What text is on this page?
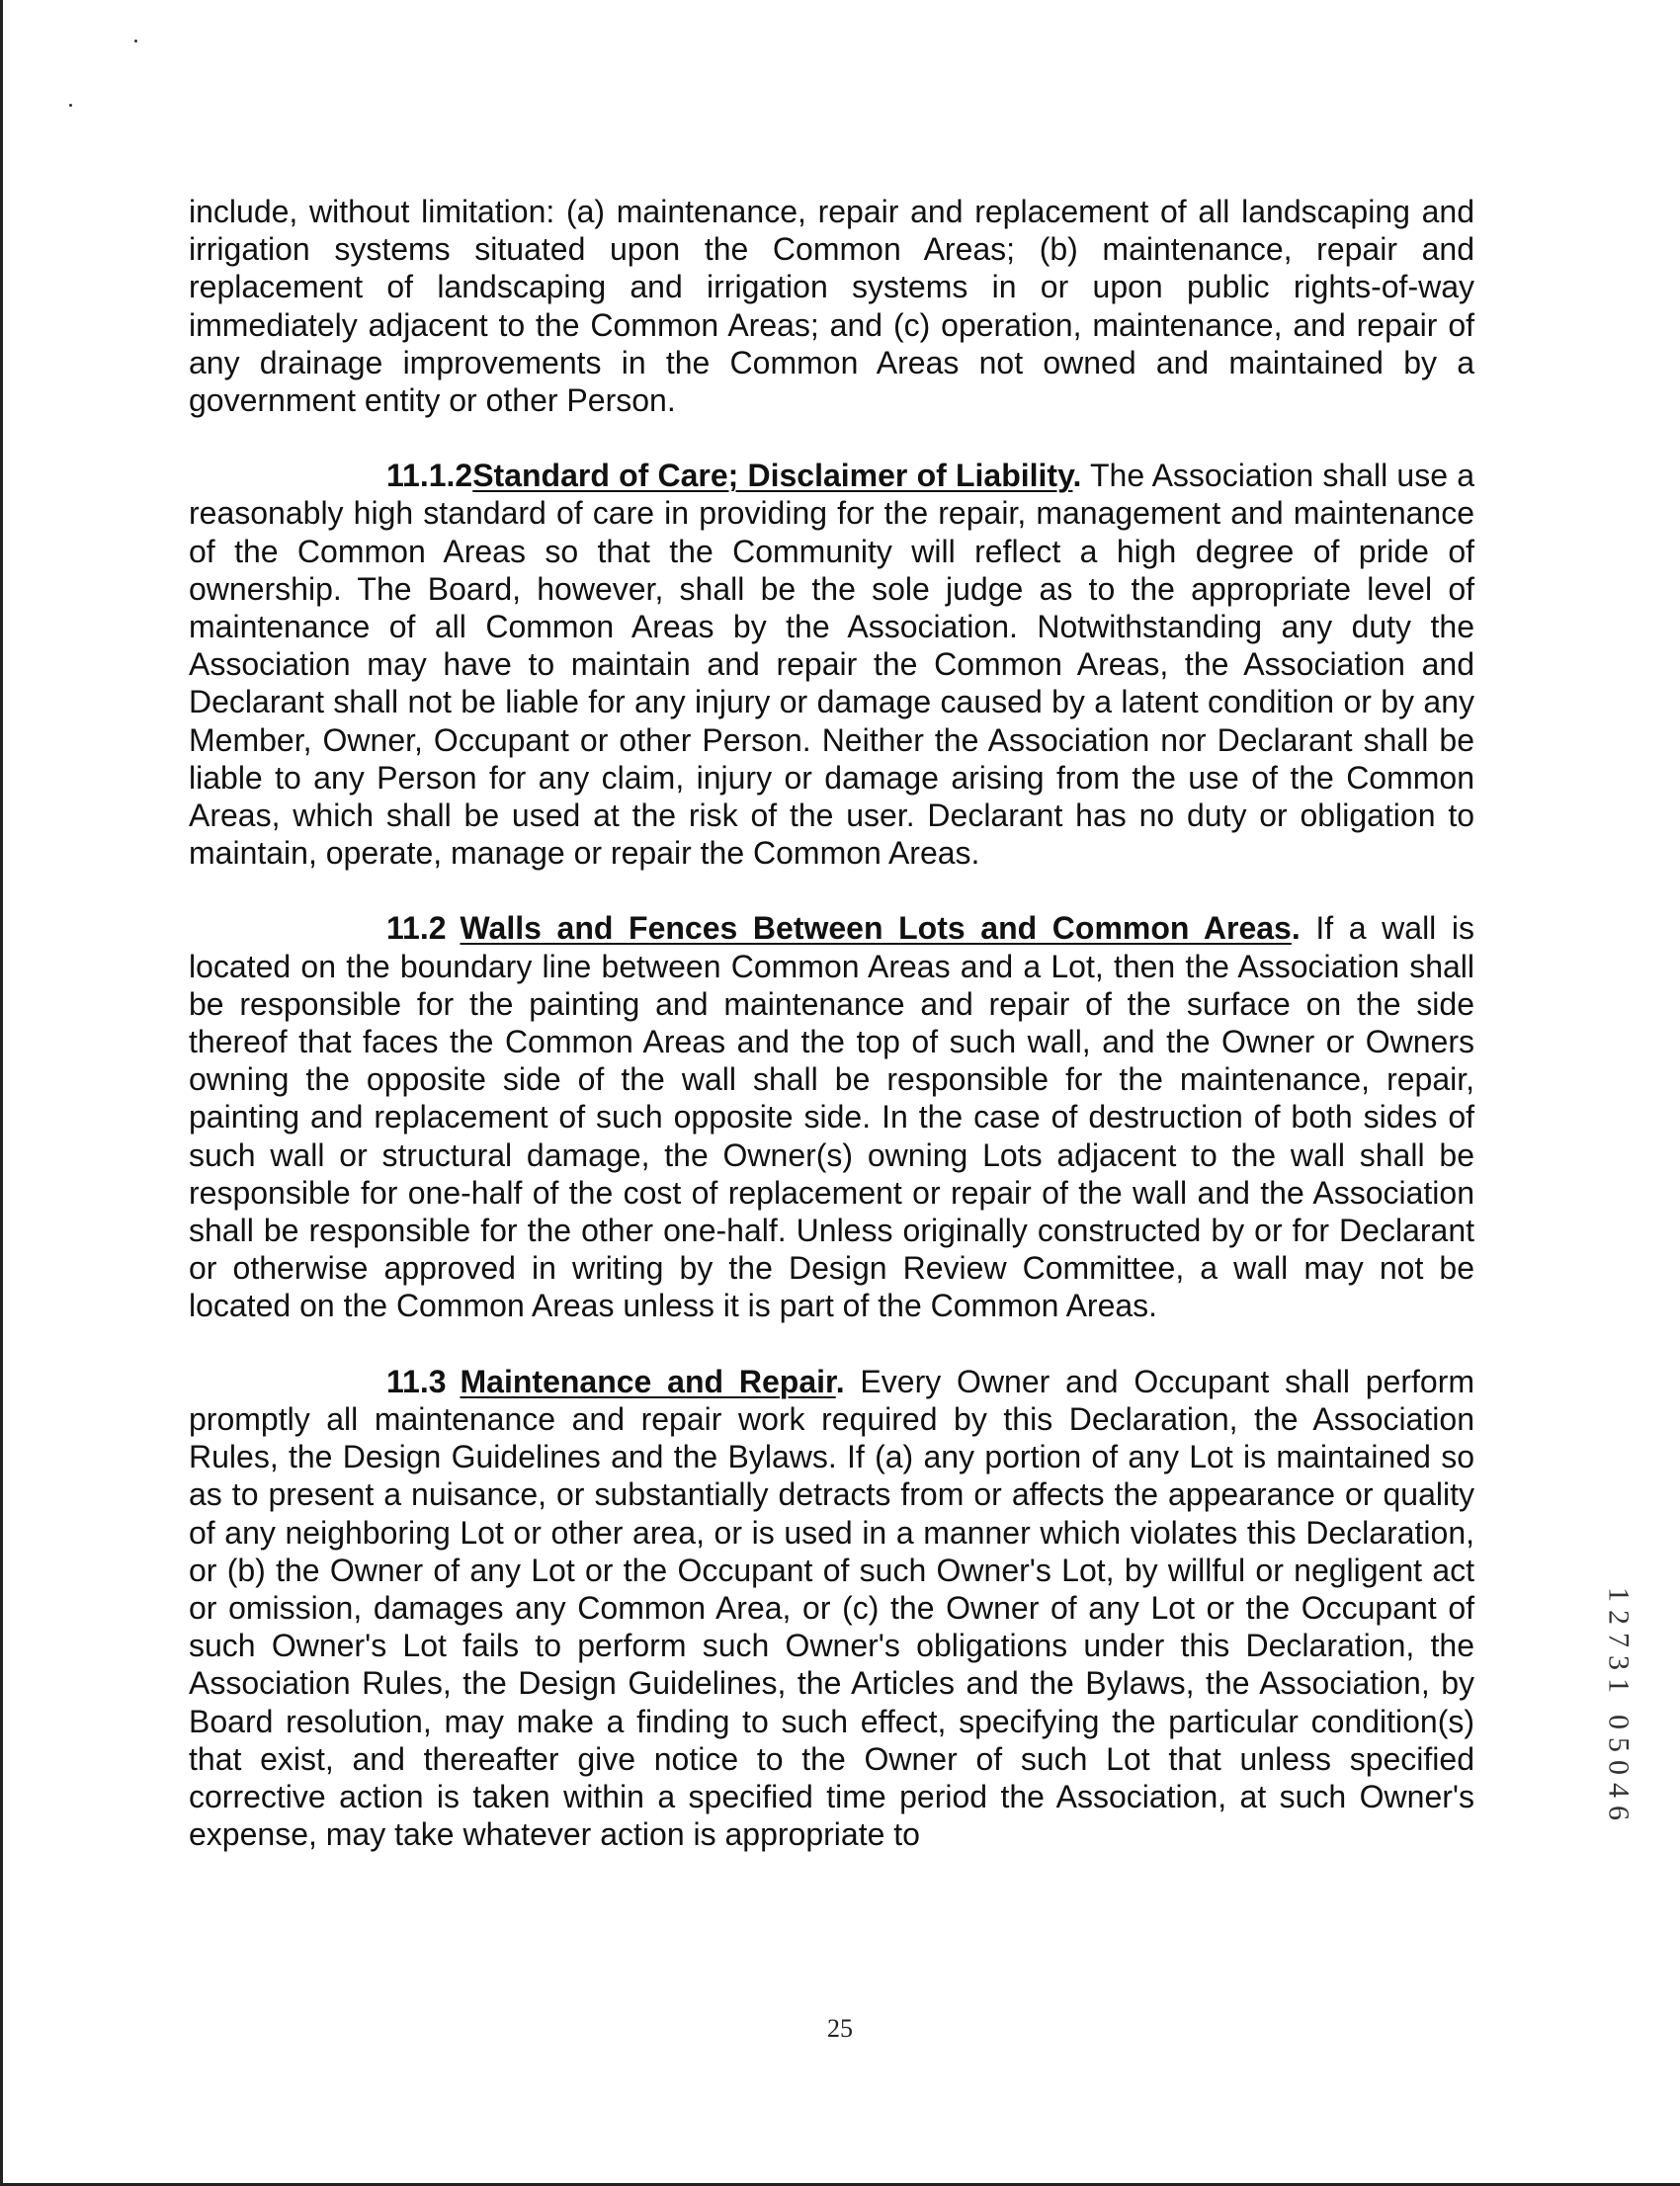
include, without limitation: (a) maintenance, repair and replacement of all landscaping and irrigation systems situated upon the Common Areas; (b) maintenance, repair and replacement of landscaping and irrigation systems in or upon public rights-of-way immediately adjacent to the Common Areas; and (c) operation, maintenance, and repair of any drainage improvements in the Common Areas not owned and maintained by a government entity or other Person.

11.1.2Standard of Care; Disclaimer of Liability. The Association shall use a reasonably high standard of care in providing for the repair, management and maintenance of the Common Areas so that the Community will reflect a high degree of pride of ownership. The Board, however, shall be the sole judge as to the appropriate level of maintenance of all Common Areas by the Association. Notwithstanding any duty the Association may have to maintain and repair the Common Areas, the Association and Declarant shall not be liable for any injury or damage caused by a latent condition or by any Member, Owner, Occupant or other Person. Neither the Association nor Declarant shall be liable to any Person for any claim, injury or damage arising from the use of the Common Areas, which shall be used at the risk of the user. Declarant has no duty or obligation to maintain, operate, manage or repair the Common Areas.

11.2 Walls and Fences Between Lots and Common Areas. If a wall is located on the boundary line between Common Areas and a Lot, then the Association shall be responsible for the painting and maintenance and repair of the surface on the side thereof that faces the Common Areas and the top of such wall, and the Owner or Owners owning the opposite side of the wall shall be responsible for the maintenance, repair, painting and replacement of such opposite side. In the case of destruction of both sides of such wall or structural damage, the Owner(s) owning Lots adjacent to the wall shall be responsible for one-half of the cost of replacement or repair of the wall and the Association shall be responsible for the other one-half. Unless originally constructed by or for Declarant or otherwise approved in writing by the Design Review Committee, a wall may not be located on the Common Areas unless it is part of the Common Areas.

11.3 Maintenance and Repair. Every Owner and Occupant shall perform promptly all maintenance and repair work required by this Declaration, the Association Rules, the Design Guidelines and the Bylaws. If (a) any portion of any Lot is maintained so as to present a nuisance, or substantially detracts from or affects the appearance or quality of any neighboring Lot or other area, or is used in a manner which violates this Declaration, or (b) the Owner of any Lot or the Occupant of such Owner's Lot, by willful or negligent act or omission, damages any Common Area, or (c) the Owner of any Lot or the Occupant of such Owner's Lot fails to perform such Owner's obligations under this Declaration, the Association Rules, the Design Guidelines, the Articles and the Bylaws, the Association, by Board resolution, may make a finding to such effect, specifying the particular condition(s) that exist, and thereafter give notice to the Owner of such Lot that unless specified corrective action is taken within a specified time period the Association, at such Owner's expense, may take whatever action is appropriate to

25
1
2
7
3
1
0
5
0
4
6
